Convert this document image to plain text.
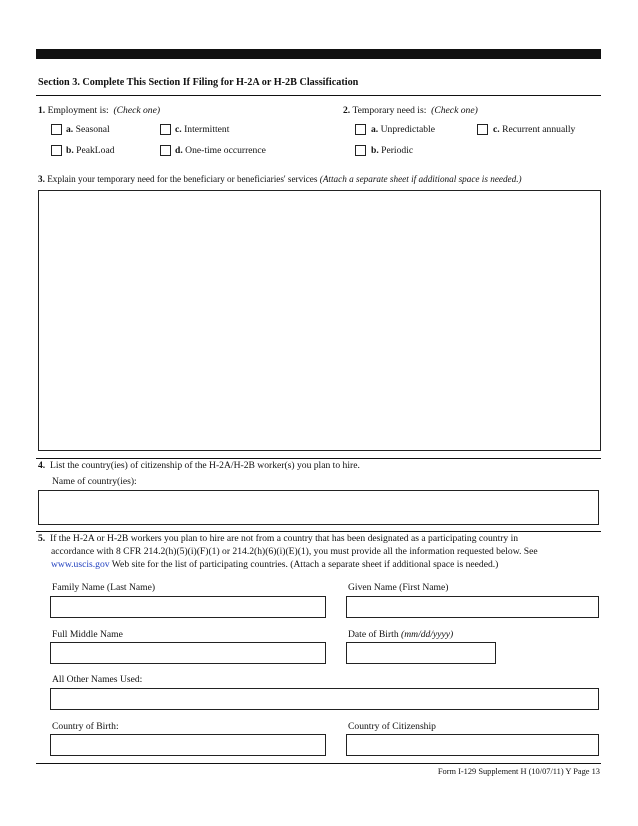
Section 3. Complete This Section If Filing for H-2A or H-2B Classification
1. Employment is: (Check one)
a. Seasonal	c. Intermittent
b. PeakLoad	d. One-time occurrence
2. Temporary need is: (Check one)
a. Unpredictable	c. Recurrent annually
b. Periodic
3. Explain your temporary need for the beneficiary or beneficiaries' services (Attach a separate sheet if additional space is needed.)
4. List the country(ies) of citizenship of the H-2A/H-2B worker(s) you plan to hire.
Name of country(ies):
5. If the H-2A or H-2B workers you plan to hire are not from a country that has been designated as a participating country in
accordance with 8 CFR 214.2(h)(5)(i)(F)(1) or 214.2(h)(6)(i)(E)(1), you must provide all the information requested below. See
www.uscis.gov Web site for the list of participating countries. (Attach a separate sheet if additional space is needed.)
Family Name (Last Name)	Given Name (First Name)
Full Middle Name	Date of Birth (mm/dd/yyyy)
All Other Names Used:
Country of Birth:	Country of Citizenship
Form I-129 Supplement H (10/07/11) Y Page 13
